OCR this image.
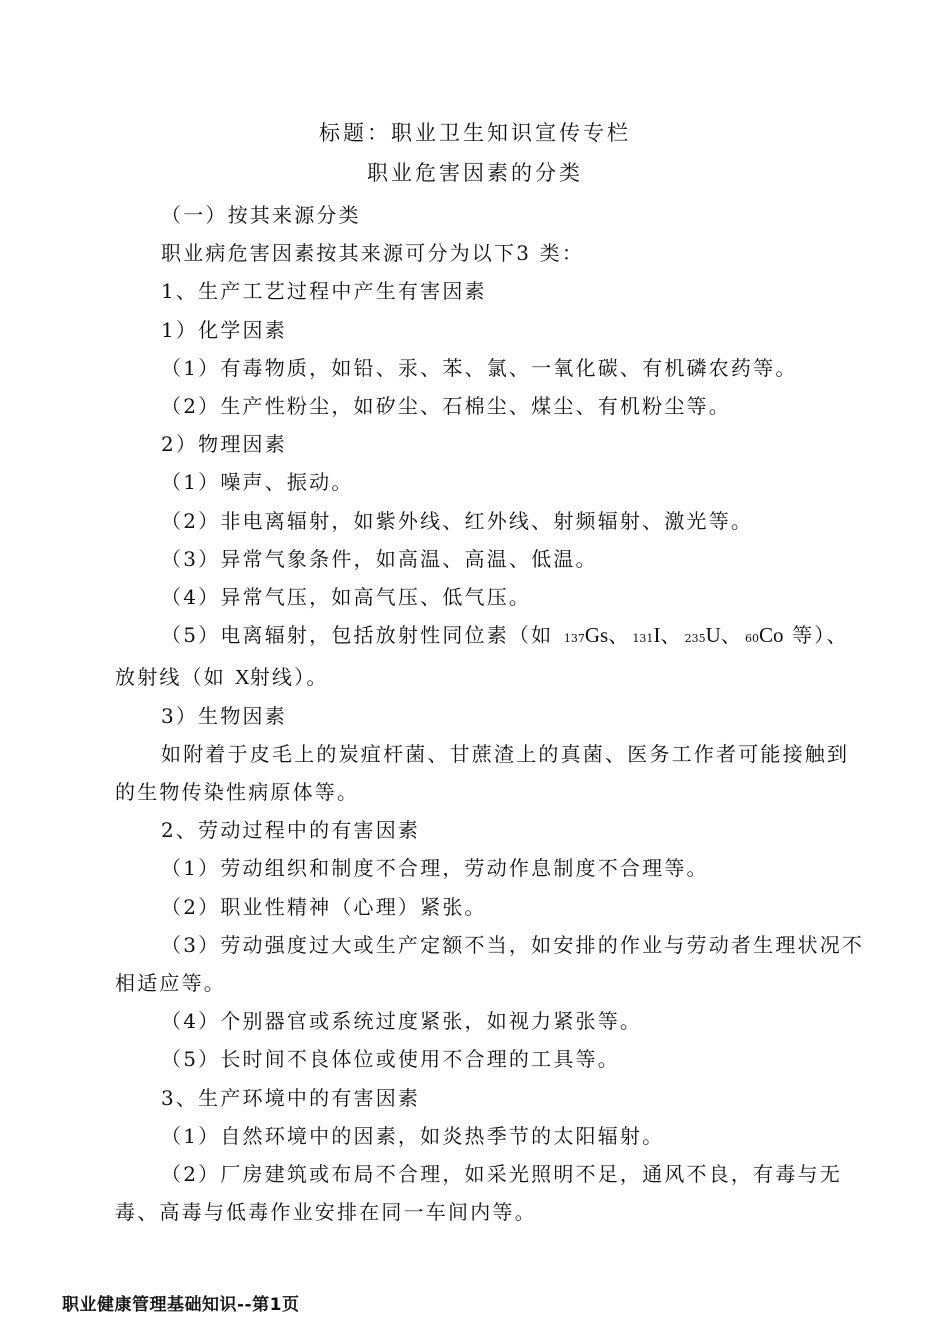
标题：职业卫生知识宣传专栏
职业危害因素的分类

（一）按其来源分类

职业病危害因素按其来源可分为以下3 类：

1、生产工艺过程中产生有害因素

1）化学因素

（1）有毒物质，如铅、汞、苯、氯、一氧化碳、有机磷农药等。

（2）生产性粉尘，如矽尘、石棉尘、煤尘、有机粉尘等。

2）物理因素

（1）噪声、振动。

（2）非电离辐射，如紫外线、红外线、射频辐射、激光等。

（3）异常气象条件，如高温、高温、低温。

（4）异常气压，如高气压、低气压。

（5）电离辐射，包括放射性同位素（如 137Gs、 131I、 235U、 60Co 等）、放射线（如 X射线）。

3）生物因素

如附着于皮毛上的炭疽杆菌、甘蔗渣上的真菌、医务工作者可能接触到的生物传染性病原体等。

2、劳动过程中的有害因素

（1）劳动组织和制度不合理，劳动作息制度不合理等。

（2）职业性精神（心理）紧张。

（3）劳动强度过大或生产定额不当，如安排的作业与劳动者生理状况不相适应等。

（4）个别器官或系统过度紧张，如视力紧张等。

（5）长时间不良体位或使用不合理的工具等。

3、生产环境中的有害因素

（1）自然环境中的因素，如炎热季节的太阳辐射。

（2）厂房建筑或布局不合理，如采光照明不足，通风不良，有毒与无毒、高毒与低毒作业安排在同一车间内等。

职业健康管理基础知识--第1页
